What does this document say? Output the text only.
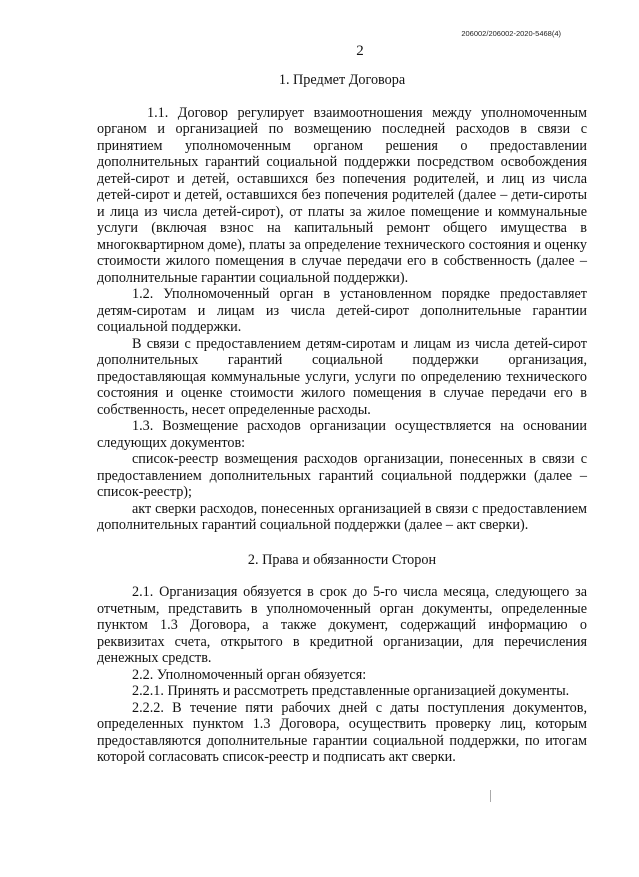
206002/206002-2020-5468(4)
2
1. Предмет Договора

1.1. Договор регулирует взаимоотношения между уполномоченным органом и организацией по возмещению последней расходов в связи с принятием уполномоченным органом решения о предоставлении дополнительных гарантий социальной поддержки посредством освобождения детей-сирот и детей, оставшихся без попечения родителей, и лиц из числа детей-сирот и детей, оставшихся без попечения родителей (далее – дети-сироты и лица из числа детей-сирот), от платы за жилое помещение и коммунальные услуги (включая взнос на капитальный ремонт общего имущества в многоквартирном доме), платы за определение технического состояния и оценку стоимости жилого помещения в случае передачи его в собственность (далее – дополнительные гарантии социальной поддержки).

1.2. Уполномоченный орган в установленном порядке предоставляет детям-сиротам и лицам из числа детей-сирот дополнительные гарантии социальной поддержки.

В связи с предоставлением детям-сиротам и лицам из числа детей-сирот дополнительных гарантий социальной поддержки организация, предоставляющая коммунальные услуги, услуги по определению технического состояния и оценке стоимости жилого помещения в случае передачи его в собственность, несет определенные расходы.

1.3. Возмещение расходов организации осуществляется на основании следующих документов:

список-реестр возмещения расходов организации, понесенных в связи с предоставлением дополнительных гарантий социальной поддержки (далее – список-реестр);

акт сверки расходов, понесенных организацией в связи с предоставлением дополнительных гарантий социальной поддержки (далее – акт сверки).

2. Права и обязанности Сторон

2.1. Организация обязуется в срок до 5-го числа месяца, следующего за отчетным, представить в уполномоченный орган документы, определенные пунктом 1.3 Договора, а также документ, содержащий информацию о реквизитах счета, открытого в кредитной организации, для перечисления денежных средств.

2.2. Уполномоченный орган обязуется:

2.2.1. Принять и рассмотреть представленные организацией документы.

2.2.2. В течение пяти рабочих дней с даты поступления документов, определенных пунктом 1.3 Договора, осуществить проверку лиц, которым предоставляются дополнительные гарантии социальной поддержки, по итогам которой согласовать список-реестр и подписать акт сверки.
